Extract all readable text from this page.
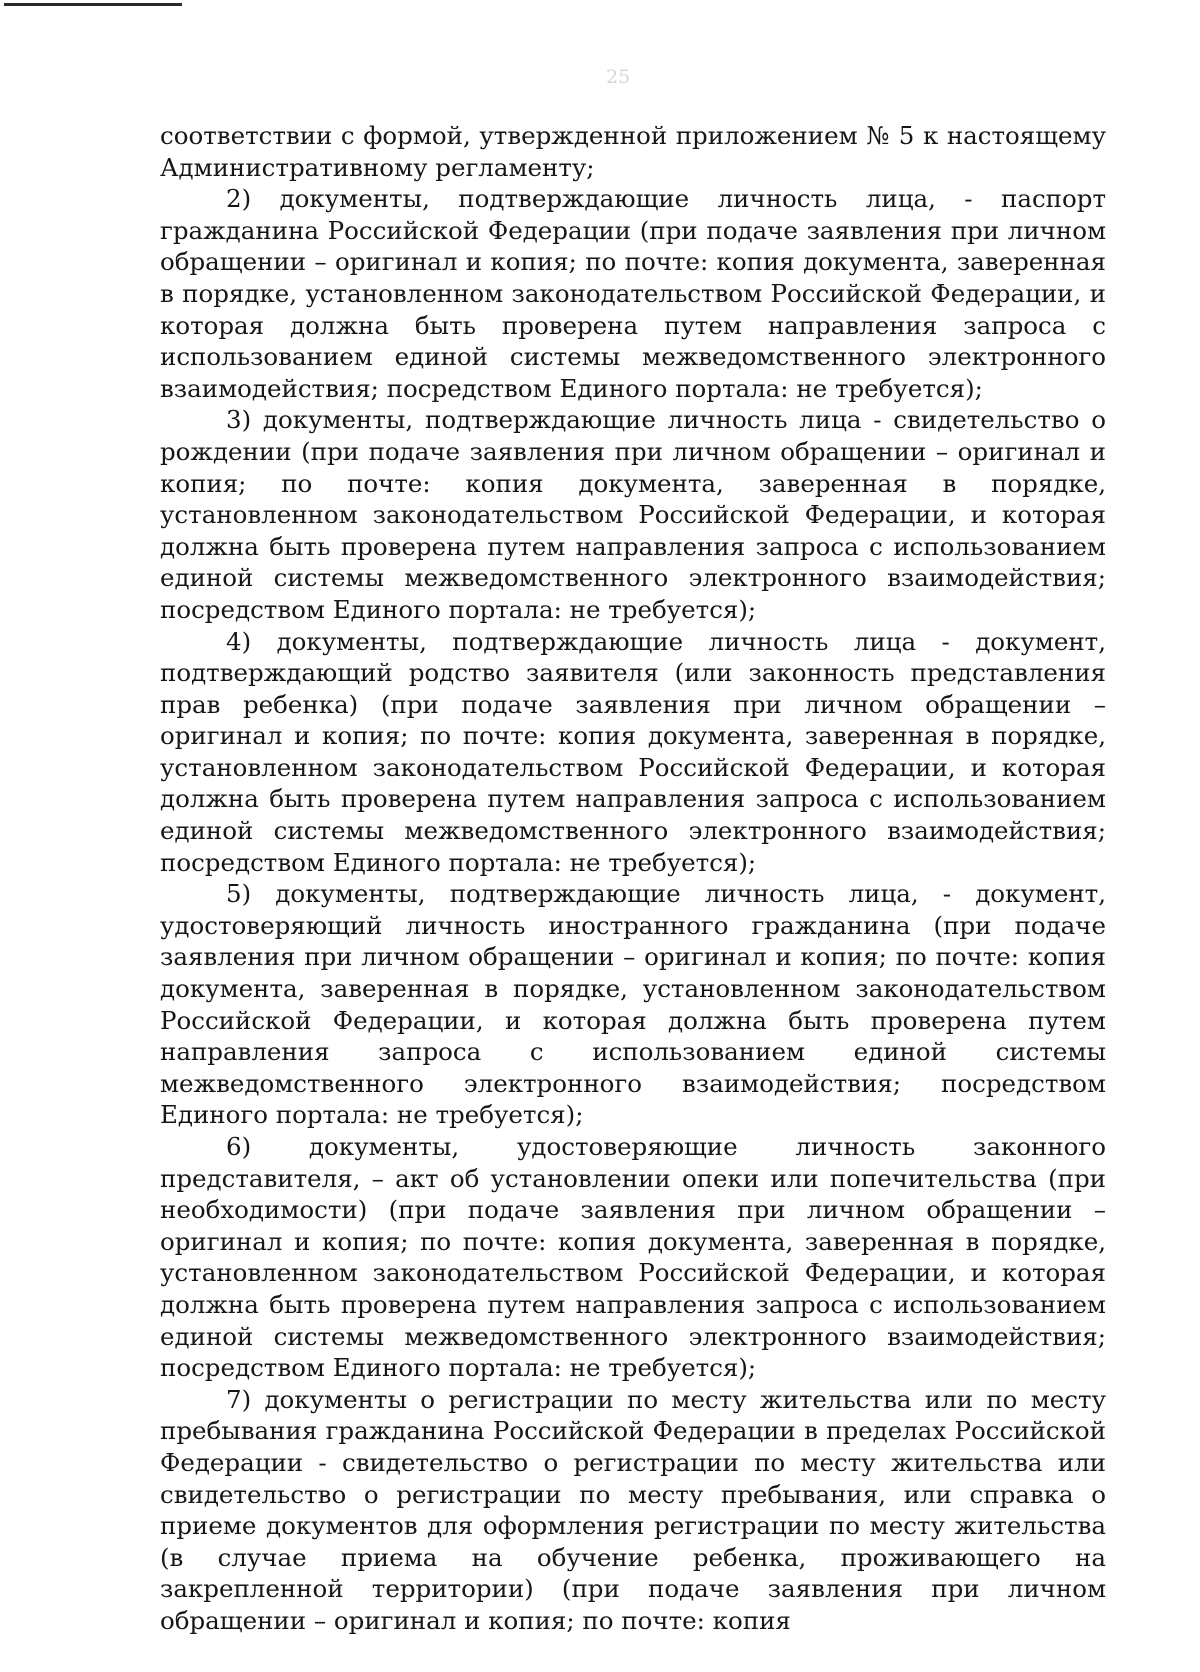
25

соответствии с формой, утвержденной приложением № 5 к настоящему Административному регламенту;

2) документы, подтверждающие личность лица, - паспорт гражданина Российской Федерации (при подаче заявления при личном обращении – оригинал и копия; по почте: копия документа, заверенная в порядке, установленном законодательством Российской Федерации, и которая должна быть проверена путем направления запроса с использованием единой системы межведомственного электронного взаимодействия; посредством Единого портала: не требуется);

3) документы, подтверждающие личность лица - свидетельство о рождении (при подаче заявления при личном обращении – оригинал и копия; по почте: копия документа, заверенная в порядке, установленном законодательством Российской Федерации, и которая должна быть проверена путем направления запроса с использованием единой системы межведомственного электронного взаимодействия; посредством Единого портала: не требуется);

4) документы, подтверждающие личность лица - документ, подтверждающий родство заявителя (или законность представления прав ребенка) (при подаче заявления при личном обращении – оригинал и копия; по почте: копия документа, заверенная в порядке, установленном законодательством Российской Федерации, и которая должна быть проверена путем направления запроса с использованием единой системы межведомственного электронного взаимодействия; посредством Единого портала: не требуется);

5) документы, подтверждающие личность лица, - документ, удостоверяющий личность иностранного гражданина (при подаче заявления при личном обращении – оригинал и копия; по почте: копия документа, заверенная в порядке, установленном законодательством Российской Федерации, и которая должна быть проверена путем направления запроса с использованием единой системы межведомственного электронного взаимодействия; посредством Единого портала: не требуется);

6) документы, удостоверяющие личность законного представителя, – акт об установлении опеки или попечительства (при необходимости) (при подаче заявления при личном обращении – оригинал и копия; по почте: копия документа, заверенная в порядке, установленном законодательством Российской Федерации, и которая должна быть проверена путем направления запроса с использованием единой системы межведомственного электронного взаимодействия; посредством Единого портала: не требуется);

7) документы о регистрации по месту жительства или по месту пребывания гражданина Российской Федерации в пределах Российской Федерации - свидетельство о регистрации по месту жительства или свидетельство о регистрации по месту пребывания, или справка о приеме документов для оформления регистрации по месту жительства (в случае приема на обучение ребенка, проживающего на закрепленной территории) (при подаче заявления при личном обращении – оригинал и копия; по почте: копия
